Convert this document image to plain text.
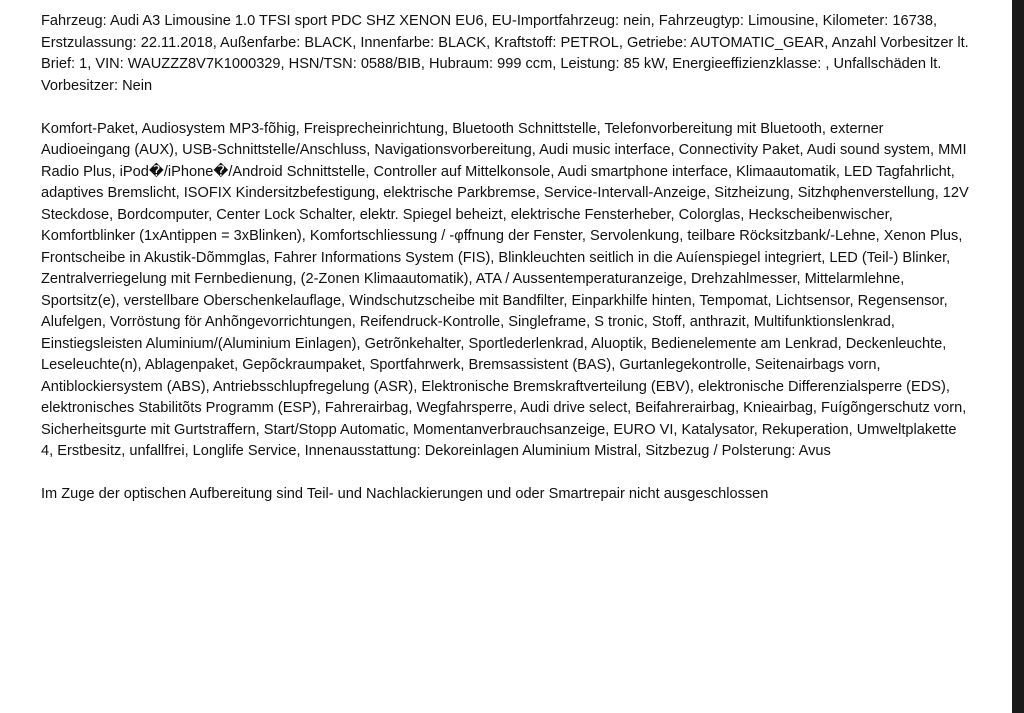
Fahrzeug: Audi A3 Limousine 1.0 TFSI sport PDC SHZ XENON EU6, EU-Importfahrzeug: nein, Fahrzeugtyp: Limousine, Kilometer: 16738, Erstzulassung: 22.11.2018, Außenfarbe: BLACK, Innenfarbe: BLACK, Kraftstoff: PETROL, Getriebe: AUTOMATIC_GEAR, Anzahl Vorbesitzer lt. Brief: 1, VIN: WAUZZZ8V7K1000329, HSN/TSN: 0588/BIB, Hubraum: 999 ccm, Leistung: 85 kW, Energieeffizienzklasse: , Unfallschäden lt. Vorbesitzer: Nein

Komfort-Paket, Audiosystem MP3-fõhig, Freisprecheinrichtung, Bluetooth Schnittstelle, Telefonvorbereitung mit Bluetooth, externer Audioeingang (AUX), USB-Schnittstelle/Anschluss, Navigationsvorbereitung, Audi music interface, Connectivity Paket, Audi sound system, MMI Radio Plus, iPod�/iPhone�/Android Schnittstelle, Controller auf Mittelkonsole, Audi smartphone interface, Klimaautomatik, LED Tagfahrlicht, adaptives Bremslicht, ISOFIX Kindersitzbefestigung, elektrische Parkbremse, Service-Intervall-Anzeige, Sitzheizung, Sitzhφhenverstellung, 12V Steckdose, Bordcomputer, Center Lock Schalter, elektr. Spiegel beheizt, elektrische Fensterheber, Colorglas, Heckscheibenwischer, Komfortblinker (1xAntippen = 3xBlinken), Komfortschliessung / -φffnung der Fenster, Servolenkung, teilbare Röcksitzbank/-Lehne, Xenon Plus, Frontscheibe in Akustik-Dõmmglas, Fahrer Informations System (FIS), Blinkleuchten seitlich in die Auíenspiegel integriert, LED (Teil-) Blinker, Zentralverriegelung mit Fernbedienung, (2-Zonen Klimaautomatik), ATA / Aussentemperaturanzeige, Drehzahlmesser, Mittelarmlehne, Sportsitz(e), verstellbare Oberschenkelauflage, Windschutzscheibe mit Bandfilter, Einparkhilfe hinten, Tempomat, Lichtsensor, Regensensor, Alufelgen, Vorröstung för Anhõngevorrichtungen, Reifendruck-Kontrolle, Singleframe, S tronic, Stoff, anthrazit, Multifunktionslenkrad, Einstiegsleisten Aluminium/(Aluminium Einlagen), Getrõnkehalter, Sportlederlenkrad, Aluoptik, Bedienelemente am Lenkrad, Deckenleuchte, Leseleuchte(n), Ablagenpaket, Gepõckraumpaket, Sportfahrwerk, Bremsassistent (BAS), Gurtanlegekontrolle, Seitenairbags vorn, Antiblockiersystem (ABS), Antriebsschlupfregelung (ASR), Elektronische Bremskraftverteilung (EBV), elektronische Differenzialsperre (EDS), elektronisches Stabilitõts Programm (ESP), Fahrerairbag, Wegfahrsperre, Audi drive select, Beifahrerairbag, Knieairbag, Fuígõngerschutz vorn, Sicherheitsgurte mit Gurtstraffern, Start/Stopp Automatic, Momentanverbrauchsanzeige, EURO VI, Katalysator, Rekuperation, Umweltplakette 4, Erstbesitz, unfallfrei, Longlife Service, Innenausstattung: Dekoreinlagen Aluminium Mistral, Sitzbezug / Polsterung: Avus

Im Zuge der optischen Aufbereitung sind Teil- und Nachlackierungen und oder Smartrepair nicht ausgeschlossen
